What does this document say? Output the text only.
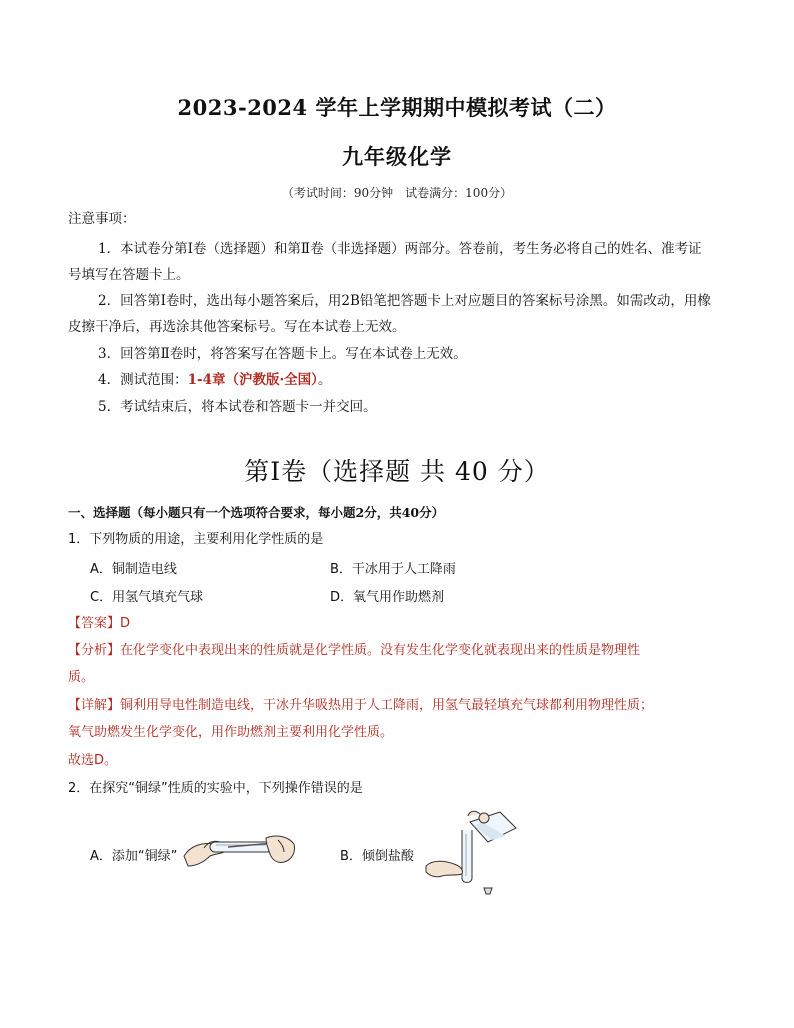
2023-2024 学年上学期期中模拟考试（二）
九年级化学
（考试时间：90分钟　试卷满分：100分）
注意事项：
1．本试卷分第Ⅰ卷（选择题）和第Ⅱ卷（非选择题）两部分。答卷前，考生务必将自己的姓名、准考证
号填写在答题卡上。
2．回答第Ⅰ卷时，选出每小题答案后，用2B铅笔把答题卡上对应题目的答案标号涂黑。如需改动，用橡
皮擦干净后，再选涂其他答案标号。写在本试卷上无效。
3．回答第Ⅱ卷时，将答案写在答题卡上。写在本试卷上无效。
4．测试范围：1-4章（沪教版·全国）。
5．考试结束后，将本试卷和答题卡一并交回。
第Ⅰ卷（选择题 共 40 分）
一、选择题（每小题只有一个选项符合要求，每小题2分，共40分）
1．下列物质的用途，主要利用化学性质的是
A．铜制造电线	B．干冰用于人工降雨
C．用氢气填充气球	D．氧气用作助燃剂
【答案】D
【分析】在化学变化中表现出来的性质就是化学性质。没有发生化学变化就表现出来的性质是物理性
质。
【详解】铜利用导电性制造电线，干冰升华吸热用于人工降雨，用氢气最轻填充气球都利用物理性质；
氧气助燃发生化学变化，用作助燃剂主要利用化学性质。
故选D。
2．在探究“铜绿”性质的实验中，下列操作错误的是
A．添加“铜绿”	B．倾倒盐酸
